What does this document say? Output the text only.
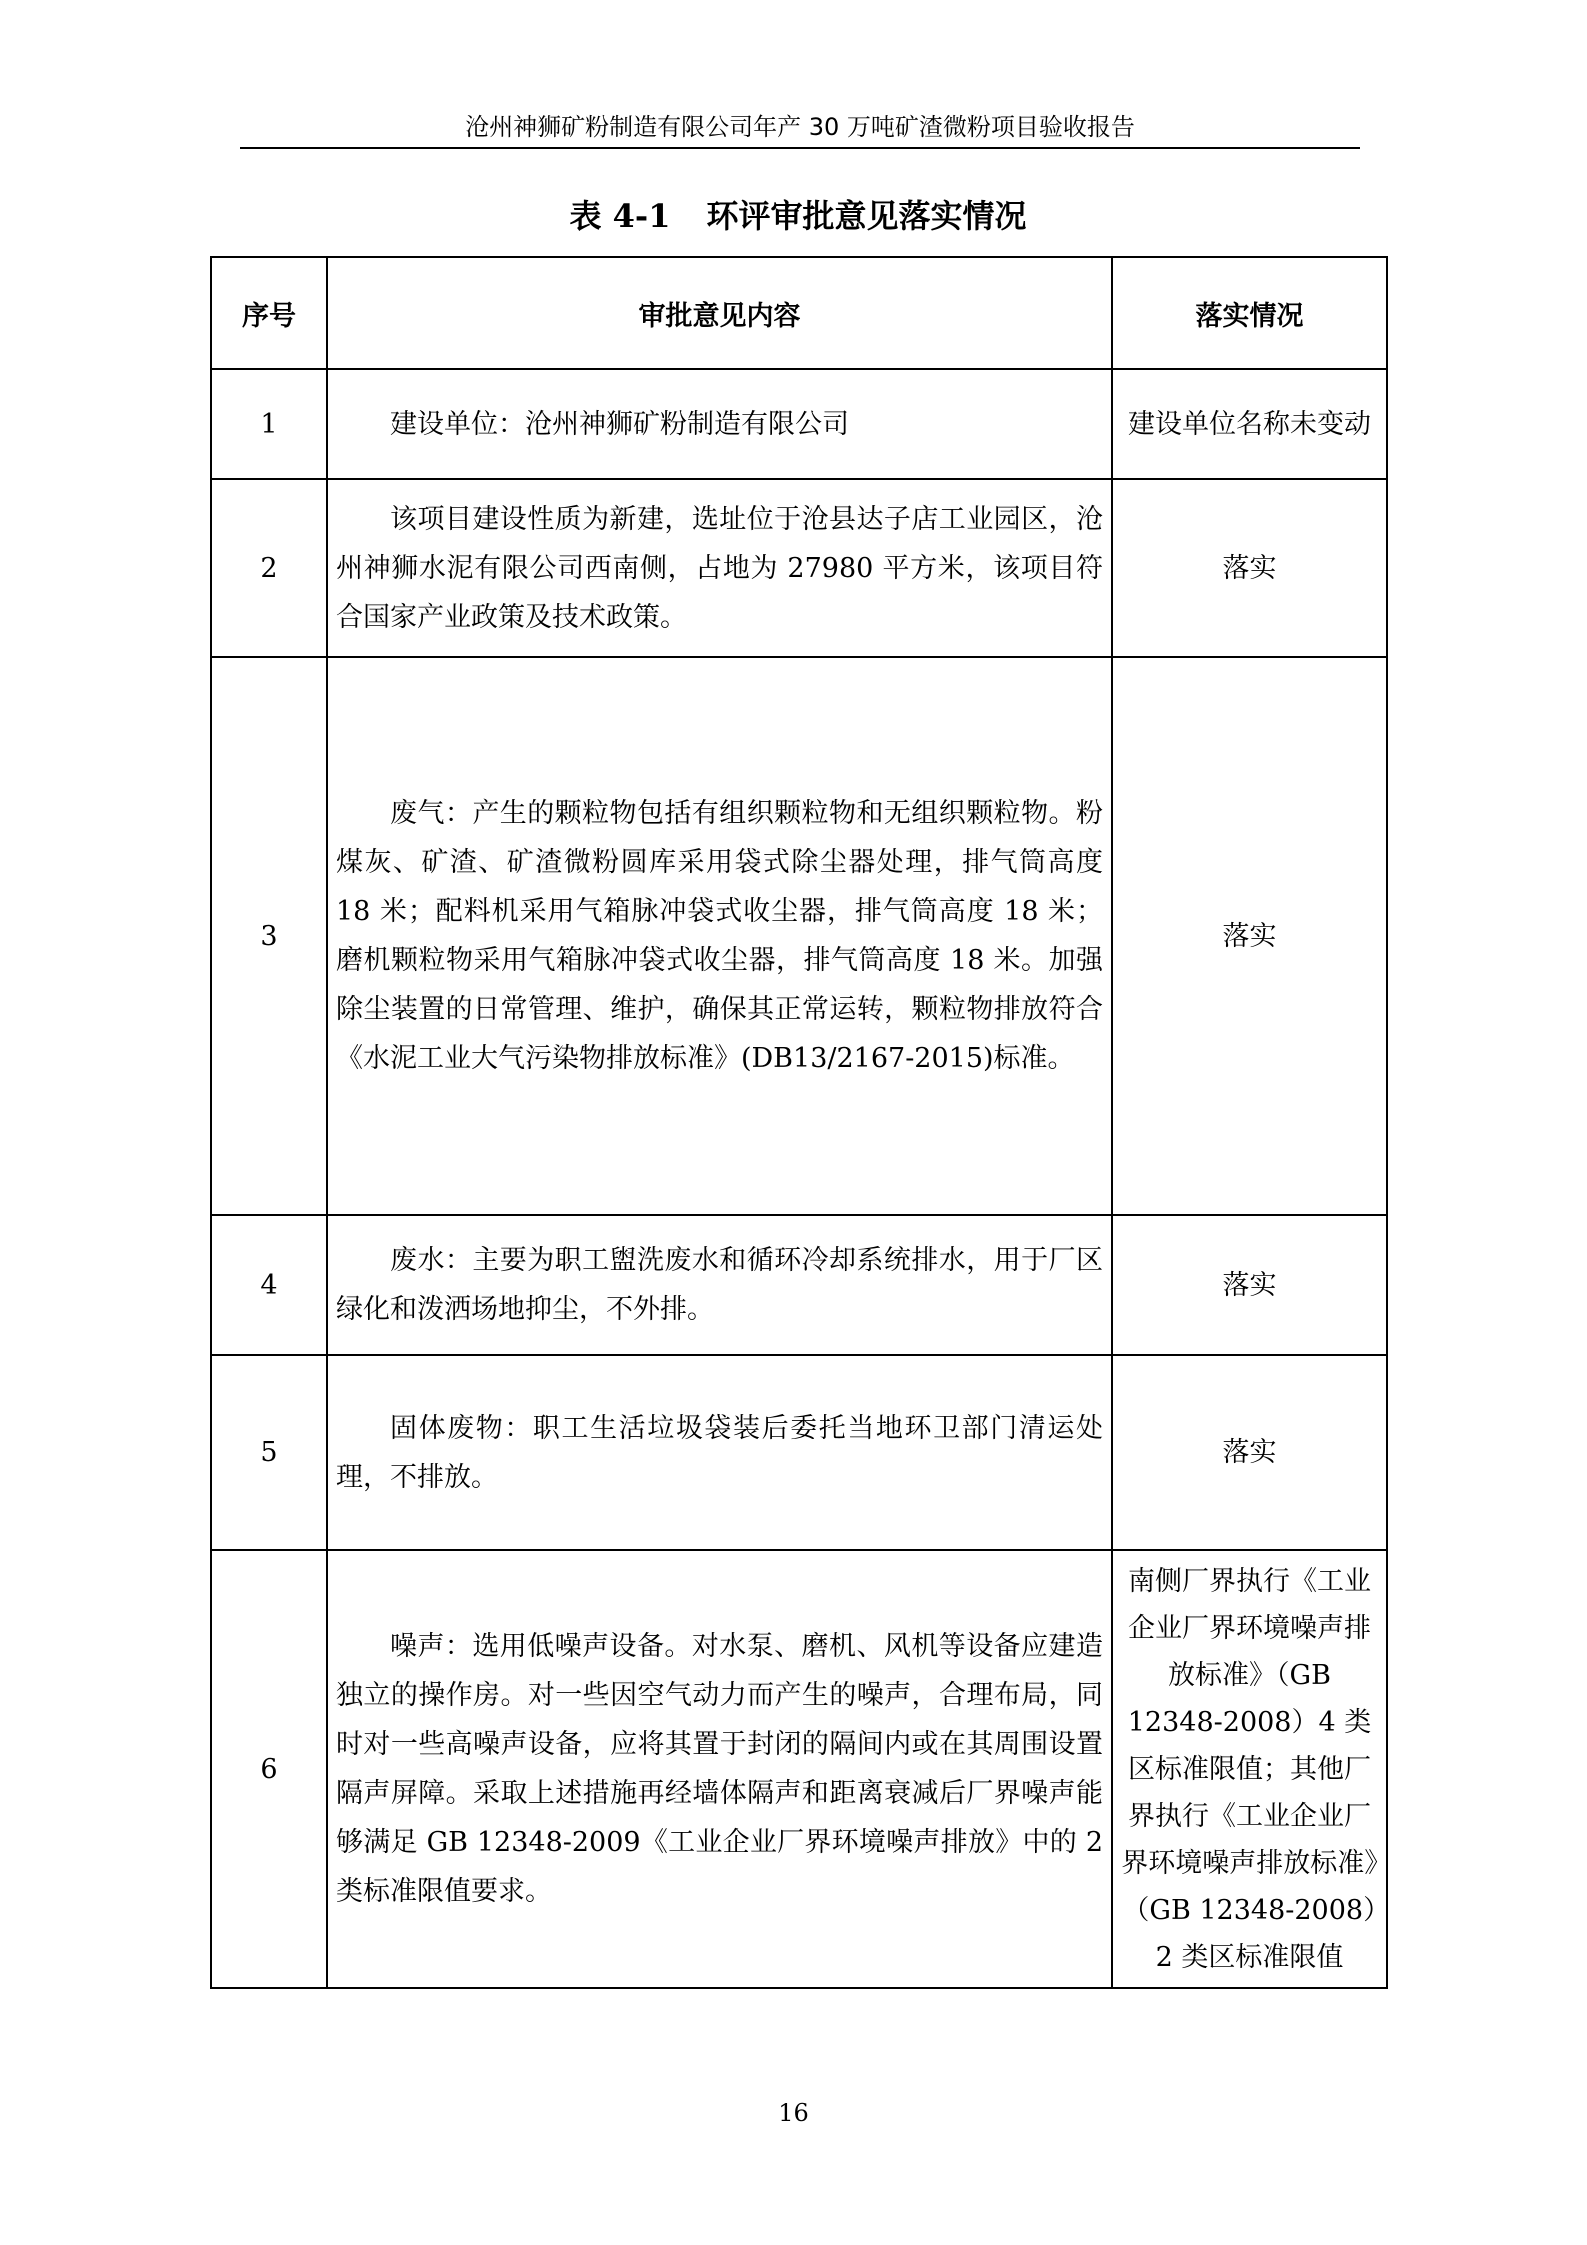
沧州神狮矿粉制造有限公司年产 30 万吨矿渣微粉项目验收报告
表 4-1 环评审批意见落实情况
序号	审批意见内容	落实情况
1	建设单位：沧州神狮矿粉制造有限公司	建设单位名称未变动
2	该项目建设性质为新建，选址位于沧县达子店工业园区，沧州神狮水泥有限公司西南侧，占地为 27980 平方米，该项目符合国家产业政策及技术政策。	落实
3	废气：产生的颗粒物包括有组织颗粒物和无组织颗粒物。粉煤灰、矿渣、矿渣微粉圆库采用袋式除尘器处理，排气筒高度 18 米；配料机采用气箱脉冲袋式收尘器，排气筒高度 18 米；磨机颗粒物采用气箱脉冲袋式收尘器，排气筒高度 18 米。加强除尘装置的日常管理、维护，确保其正常运转，颗粒物排放符合《水泥工业大气污染物排放标准》(DB13/2167-2015)标准。	落实
4	废水：主要为职工盥洗废水和循环冷却系统排水，用于厂区绿化和泼洒场地抑尘，不外排。	落实
5	固体废物：职工生活垃圾袋装后委托当地环卫部门清运处理，不排放。	落实
6	噪声：选用低噪声设备。对水泵、磨机、风机等设备应建造独立的操作房。对一些因空气动力而产生的噪声，合理布局，同时对一些高噪声设备，应将其置于封闭的隔间内或在其周围设置隔声屏障。采取上述措施再经墙体隔声和距离衰减后厂界噪声能够满足 GB 12348-2009《工业企业厂界环境噪声排放》中的 2 类标准限值要求。	南侧厂界执行《工业企业厂界环境噪声排放标准》（GB 12348-2008）4 类区标准限值；其他厂界执行《工业企业厂界环境噪声排放标准》（GB 12348-2008）2 类区标准限值
16
